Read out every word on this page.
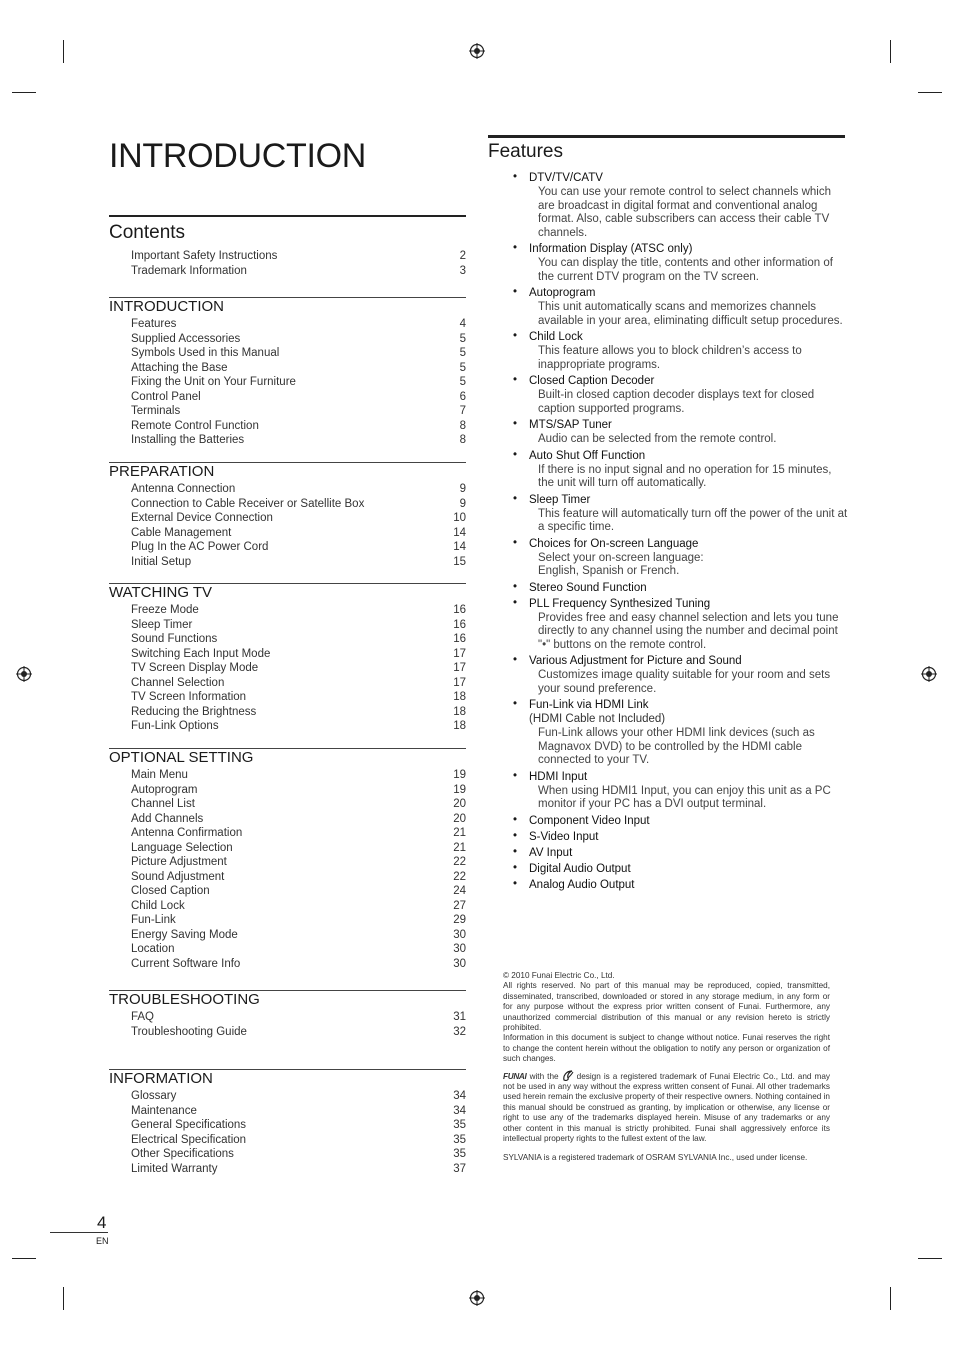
INTRODUCTION
Contents
Important Safety Instructions	2
Trademark Information	3
INTRODUCTION
Features	4
Supplied Accessories	5
Symbols Used in this Manual	5
Attaching the Base	5
Fixing the Unit on Your Furniture	5
Control Panel	6
Terminals	7
Remote Control Function	8
Installing the Batteries	8
PREPARATION
Antenna Connection	9
Connection to Cable Receiver or Satellite Box	9
External Device Connection	10
Cable Management	14
Plug In the AC Power Cord	14
Initial Setup	15
WATCHING TV
Freeze Mode	16
Sleep Timer	16
Sound Functions	16
Switching Each Input Mode	17
TV Screen Display Mode	17
Channel Selection	17
TV Screen Information	18
Reducing the Brightness	18
Fun-Link Options	18
OPTIONAL SETTING
Main Menu	19
Autoprogram	19
Channel List	20
Add Channels	20
Antenna Confirmation	21
Language Selection	21
Picture Adjustment	22
Sound Adjustment	22
Closed Caption	24
Child Lock	27
Fun-Link	29
Energy Saving Mode	30
Location	30
Current Software Info	30
TROUBLESHOOTING
FAQ	31
Troubleshooting Guide	32
INFORMATION
Glossary	34
Maintenance	34
General Specifications	35
Electrical Specification	35
Other Specifications	35
Limited Warranty	37
Features
• DTV/TV/CATV
You can use your remote control to select channels which are broadcast in digital format and conventional analog format. Also, cable subscribers can access their cable TV channels.
• Information Display (ATSC only)
You can display the title, contents and other information of the current DTV program on the TV screen.
• Autoprogram
This unit automatically scans and memorizes channels available in your area, eliminating difficult setup procedures.
• Child Lock
This feature allows you to block children’s access to inappropriate programs.
• Closed Caption Decoder
Built-in closed caption decoder displays text for closed caption supported programs.
• MTS/SAP Tuner
Audio can be selected from the remote control.
• Auto Shut Off Function
If there is no input signal and no operation for 15 minutes, the unit will turn off automatically.
• Sleep Timer
This feature will automatically turn off the power of the unit at a specific time.
• Choices for On-screen Language
Select your on-screen language:
English, Spanish or French.
• Stereo Sound Function
• PLL Frequency Synthesized Tuning
Provides free and easy channel selection and lets you tune directly to any channel using the number and decimal point "•" buttons on the remote control.
• Various Adjustment for Picture and Sound
Customizes image quality suitable for your room and sets your sound preference.
• Fun-Link via HDMI Link
(HDMI Cable not Included)
Fun-Link allows your other HDMI link devices (such as Magnavox DVD) to be controlled by the HDMI cable connected to your TV.
• HDMI Input
When using HDMI1 Input, you can enjoy this unit as a PC monitor if your PC has a DVI output terminal.
• Component Video Input
• S-Video Input
• AV Input
• Digital Audio Output
• Analog Audio Output

© 2010 Funai Electric Co., Ltd.

All rights reserved. No part of this manual may be reproduced, copied, transmitted, disseminated, transcribed, downloaded or stored in any storage medium, in any form or for any purpose without the express prior written consent of Funai. Furthermore, any unauthorized commercial distribution of this manual or any revision hereto is strictly prohibited.

Information in this document is subject to change without notice. Funai reserves the right to change the content herein without the obligation to notify any person or organization of such changes.

FUNAI with the design is a registered trademark of Funai Electric Co., Ltd. and may not be used in any way without the express written consent of Funai. All other trademarks used herein remain the exclusive property of their respective owners. Nothing contained in this manual should be construed as granting, by implication or otherwise, any license or right to use any of the trademarks displayed herein. Misuse of any trademarks or any other content in this manual is strictly prohibited. Funai shall aggressively enforce its intellectual property rights to the fullest extent of the law.

SYLVANIA is a registered trademark of OSRAM SYLVANIA Inc., used under license.

4
EN
